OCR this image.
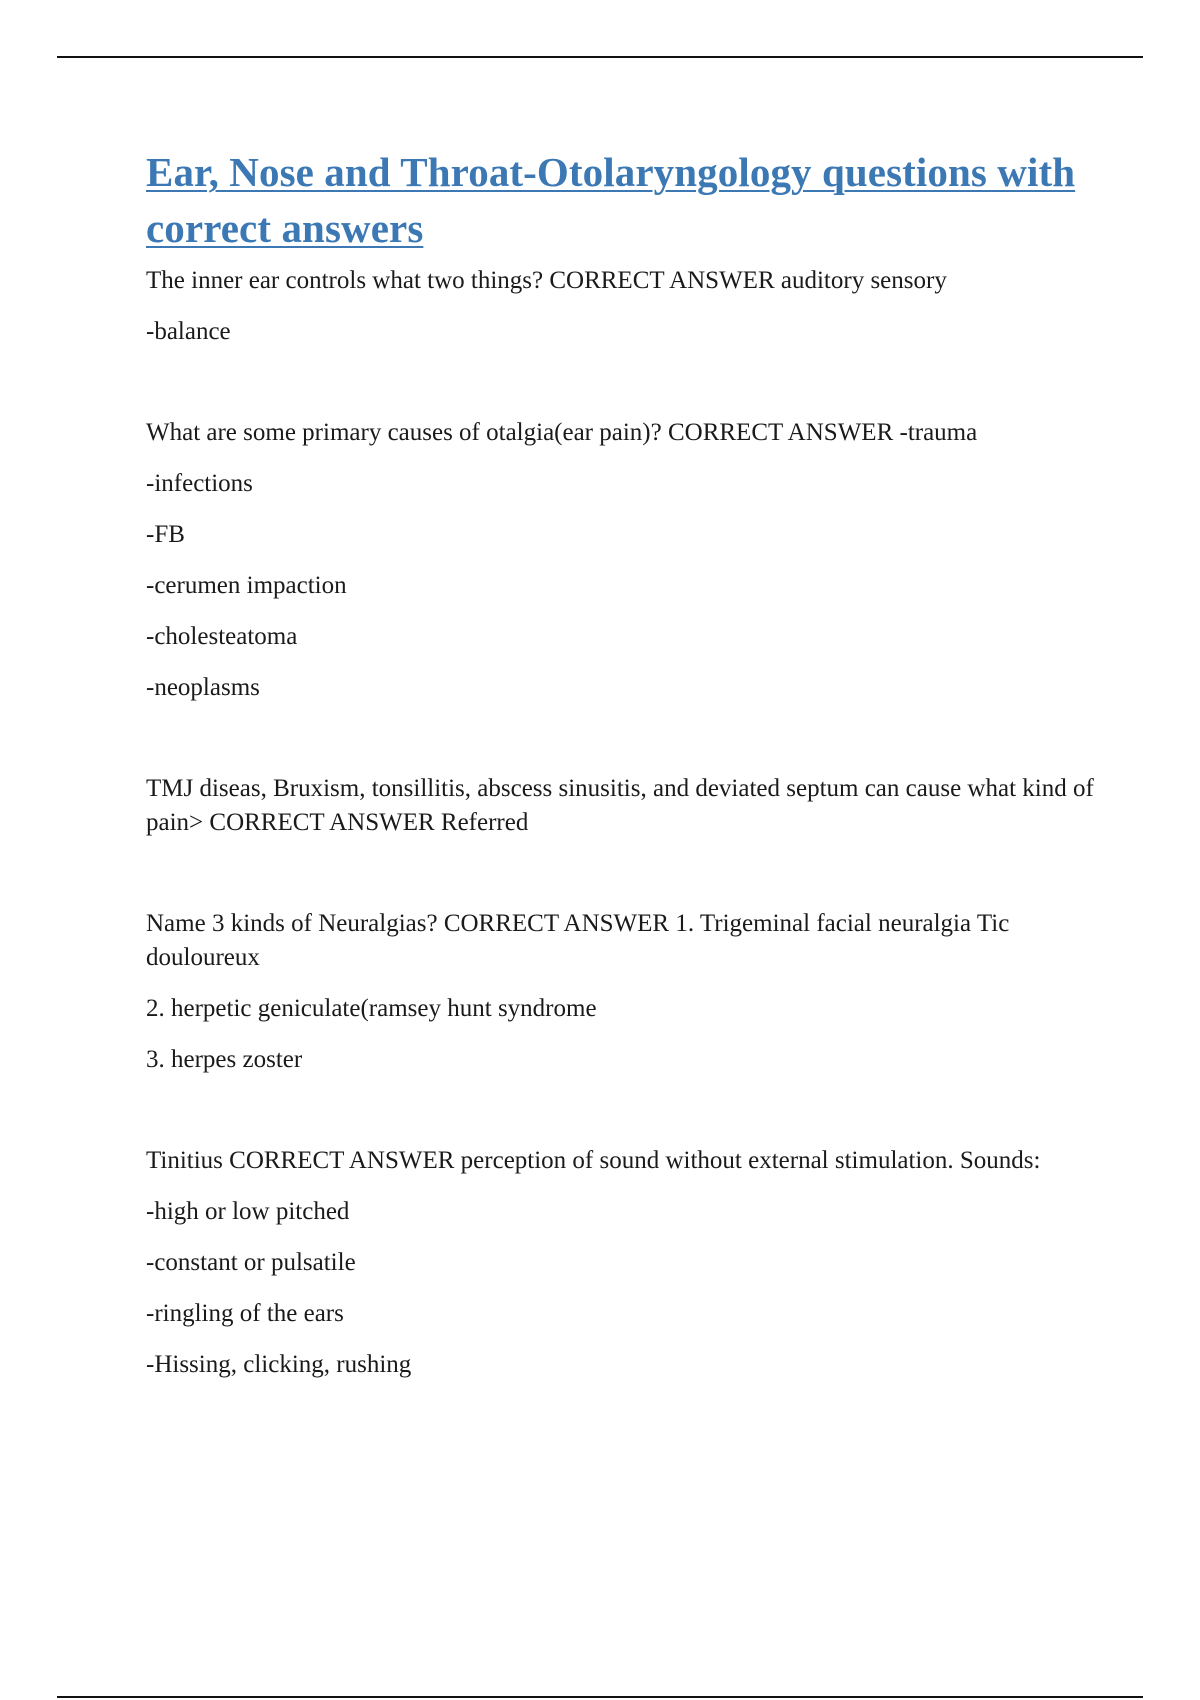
Ear, Nose and Throat-Otolaryngology questions with correct answers

The inner ear controls what two things? CORRECT ANSWER auditory sensory

-balance

What are some primary causes of otalgia(ear pain)? CORRECT ANSWER -trauma

-infections

-FB

-cerumen impaction

-cholesteatoma

-neoplasms

TMJ diseas, Bruxism, tonsillitis, abscess sinusitis, and deviated septum can cause what kind of pain> CORRECT ANSWER Referred

Name 3 kinds of Neuralgias? CORRECT ANSWER 1. Trigeminal facial neuralgia Tic douloureux

2. herpetic geniculate(ramsey hunt syndrome

3. herpes zoster

Tinitius CORRECT ANSWER perception of sound without external stimulation. Sounds:

-high or low pitched

-constant or pulsatile

-ringling of the ears

-Hissing, clicking, rushing
